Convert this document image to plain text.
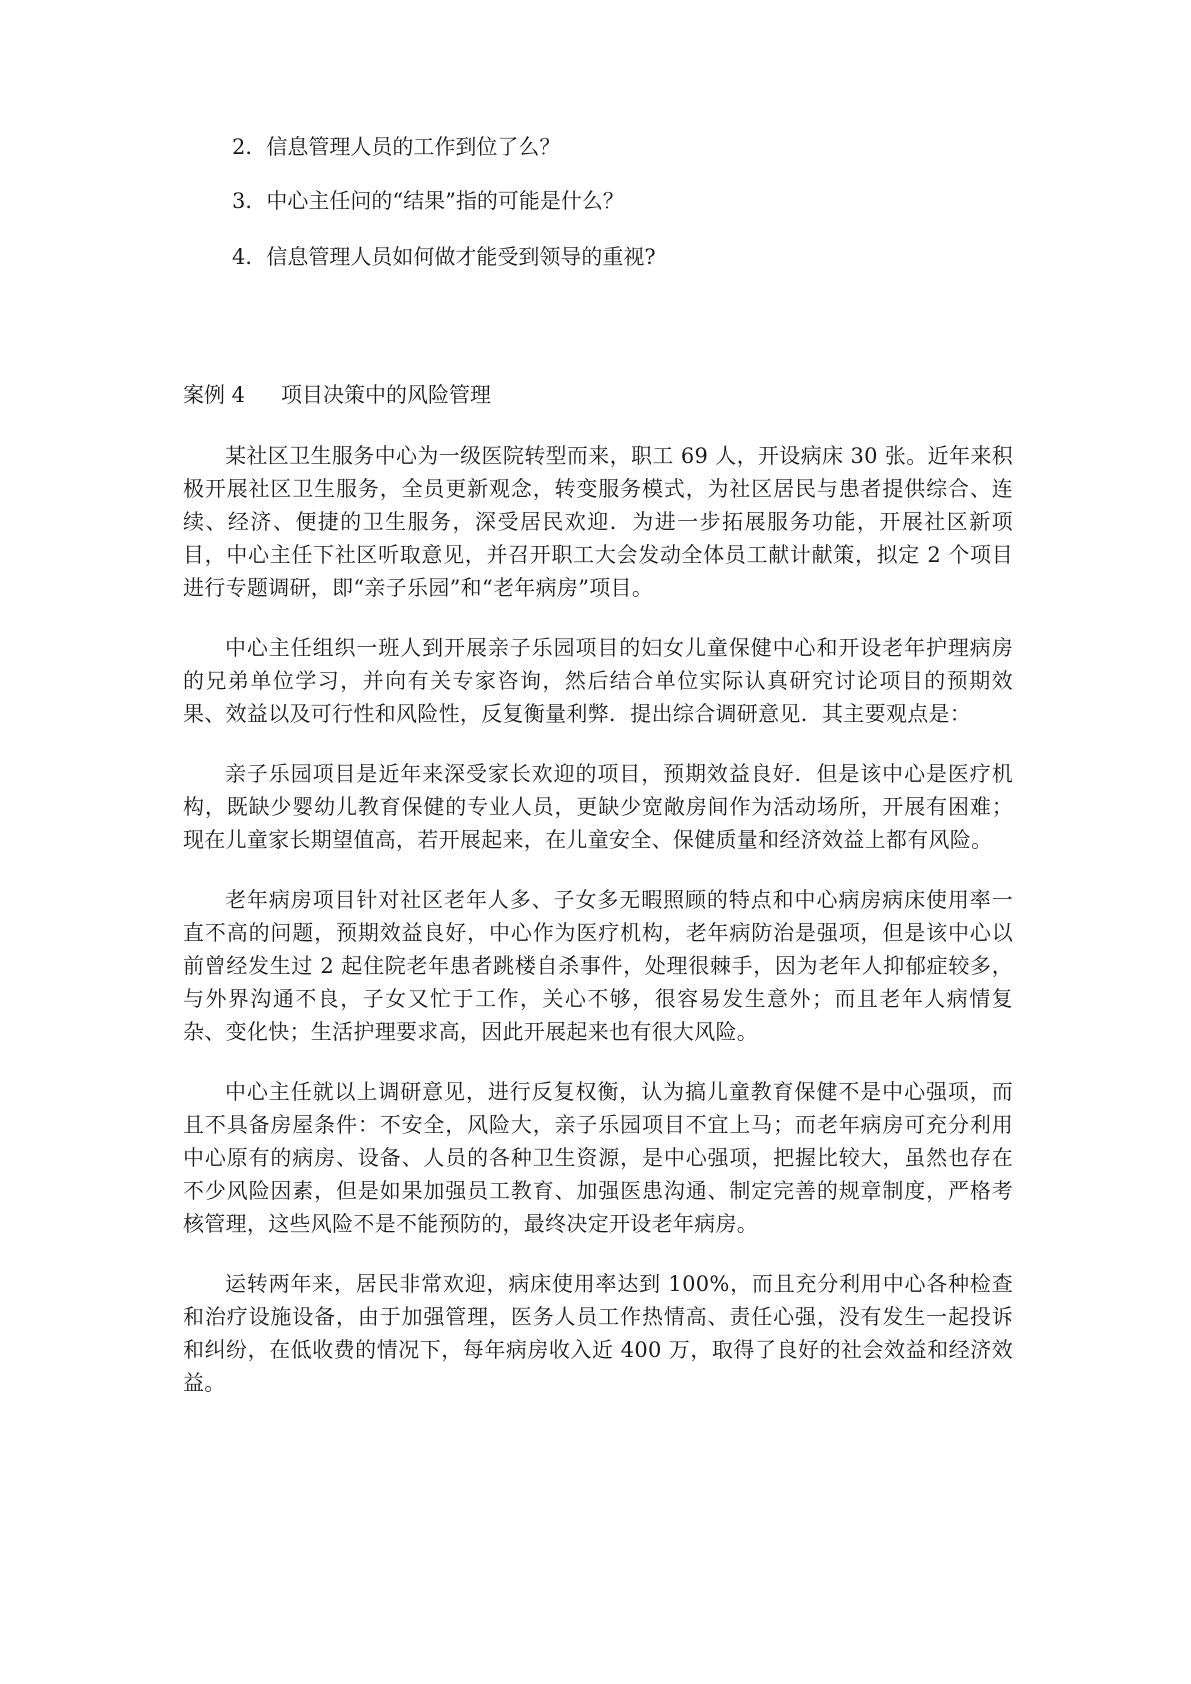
2．信息管理人员的工作到位了么？
3．中心主任问的“结果”指的可能是什么？
4．信息管理人员如何做才能受到领导的重视?
案例 4 项目决策中的风险管理

某社区卫生服务中心为一级医院转型而来，职工 69 人，开设病床 30 张。近年来积极开展社区卫生服务，全员更新观念，转变服务模式，为社区居民与患者提供综合、连续、经济、便捷的卫生服务，深受居民欢迎．为进一步拓展服务功能，开展社区新项目，中心主任下社区听取意见，并召开职工大会发动全体员工献计献策，拟定 2 个项目进行专题调研，即“亲子乐园”和“老年病房”项目。

中心主任组织一班人到开展亲子乐园项目的妇女儿童保健中心和开设老年护理病房的兄弟单位学习，并向有关专家咨询，然后结合单位实际认真研究讨论项目的预期效果、效益以及可行性和风险性，反复衡量利弊．提出综合调研意见．其主要观点是：

亲子乐园项目是近年来深受家长欢迎的项目，预期效益良好．但是该中心是医疗机构，既缺少婴幼儿教育保健的专业人员，更缺少宽敞房间作为活动场所，开展有困难；现在儿童家长期望值高，若开展起来，在儿童安全、保健质量和经济效益上都有风险。

老年病房项目针对社区老年人多、子女多无暇照顾的特点和中心病房病床使用率一直不高的问题，预期效益良好，中心作为医疗机构，老年病防治是强项，但是该中心以前曾经发生过 2 起住院老年患者跳楼自杀事件，处理很棘手，因为老年人抑郁症较多，与外界沟通不良，子女又忙于工作，关心不够，很容易发生意外；而且老年人病情复杂、变化快；生活护理要求高，因此开展起来也有很大风险。

中心主任就以上调研意见，进行反复权衡，认为搞儿童教育保健不是中心强项，而且不具备房屋条件：不安全，风险大，亲子乐园项目不宜上马；而老年病房可充分利用中心原有的病房、设备、人员的各种卫生资源，是中心强项，把握比较大，虽然也存在不少风险因素，但是如果加强员工教育、加强医患沟通、制定完善的规章制度，严格考核管理，这些风险不是不能预防的，最终决定开设老年病房。

运转两年来，居民非常欢迎，病床使用率达到 100%，而且充分利用中心各种检查和治疗设施设备，由于加强管理，医务人员工作热情高、责任心强，没有发生一起投诉和纠纷，在低收费的情况下，每年病房收入近 400 万，取得了良好的社会效益和经济效益。
